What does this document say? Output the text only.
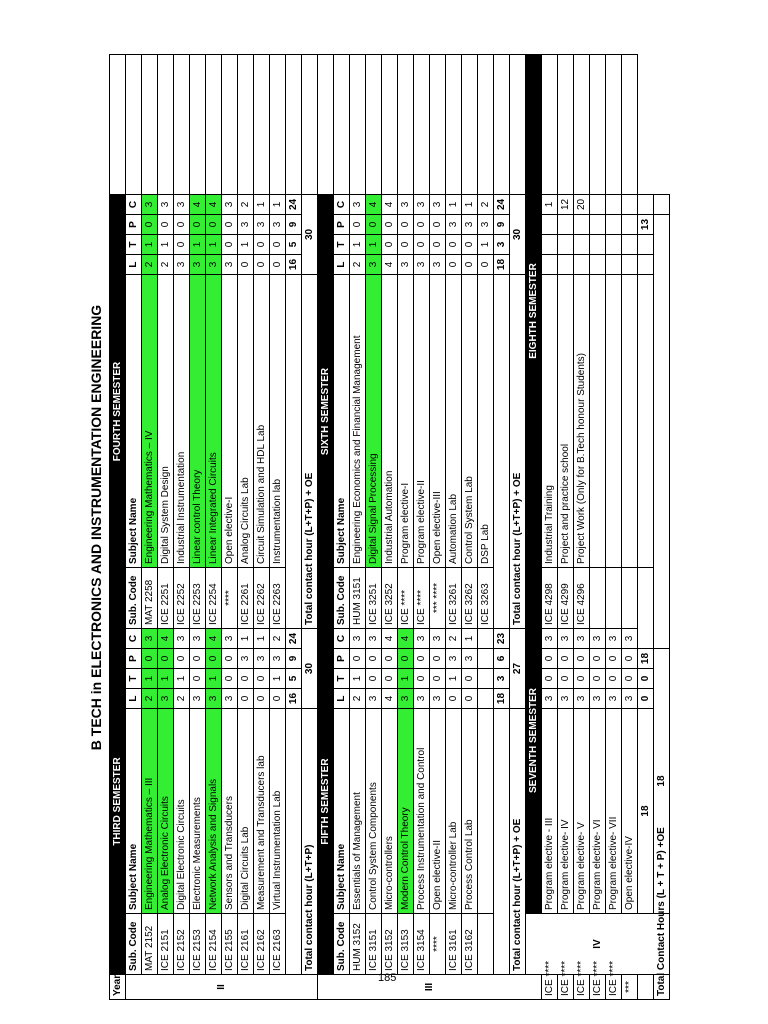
185
B TECH in ELECTRONICS AND INSTRUMENTATION ENGINEERING
Year	THIRD SEMESTER						FOURTH SEMESTER							
II	Sub. Code	Subject Name	L	T	P	C	Sub. Code	Subject Name	L	T	P	C		
	MAT 2152	Engineering Mathematics – III	2	1	0	3	MAT 2258	Engineering Mathematics – IV	2	1	0	3		
	ICE 2151	Analog Electronic Circuits	3	1	0	4	ICE 2251	Digital System Design	2	1	0	3		
	ICE 2152	Digital Electronic Circuits	2	1	0	3	ICE 2252	Industrial Instrumentation	3	0	0	3		
	ICE 2153	Electronic Measurements	3	0	0	3	ICE 2253	Linear control Theory	3	1	0	4		
	ICE 2154	Network Analysis and Signals	3	1	0	4	ICE 2254	Linear Integrated Circuits	3	1	0	4		
	ICE 2155	Sensors and Transducers	3	0	0	3	****	Open elective-I	3	0	0	3		
	ICE 2161	Digital Circuits Lab	0	0	3	1	ICE 2261	Analog Circuits Lab	0	1	3	2		
	ICE 2162	Measurement and Transducers lab	0	0	3	1	ICE 2262	Circuit Simulation and HDL Lab	0	0	3	1		
	ICE 2163	Virtual Instrumentation Lab	0	1	3	2	ICE 2263	Instrumentation lab	0	0	3	1		
			16	5	9	24			16	5	9	24		
	Total contact hour (L+T+P)		30				Total contact hour (L+T+P) + OE		30					
III	FIFTH SEMESTER						SIXTH SEMESTER							
	Sub. Code	Subject Name	L	T	P	C	Sub. Code	Subject Name	L	T	P	C		
	HUM 3152	Essentials of Management	2	1	0	3	HUM 3151	Engineering Economics and Financial Management	2	1	0	3		
	ICE 3151	Control System Components	3	0	0	3	ICE 3251	Digital Signal Processing	3	1	0	4		
	ICE 3152	Micro-controllers	4	0	0	4	ICE 3252	Industrial Automation	4	0	0	4		
	ICE 3153	Modern Control Theory	3	1	0	4	ICE ****	Program elective-I	3	0	0	3		
	ICE 3154	Process Instrumentation and Control	3	0	0	3	ICE ****	Program elective-II	3	0	0	3		
	****	Open elective-II	3	0	0	3	*** ****	Open elective-III	3	0	0	3		
	ICE 3161	Micro-controller Lab	0	1	3	2	ICE 3261	Automation Lab	0	0	3	1		
	ICE 3162	Process Control Lab	0	0	3	1	ICE 3262	Control System Lab	0	0	3	1		
							ICE 3263	DSP Lab	0	1	3	2		
			18	3	6	23			18	3	9	24		
	Total contact hour (L+T+P) + OE		27				Total contact hour (L+T+P) + OE		30					
	IV	SEVENTH SEMESTER						EIGHTH SEMESTER						
ICE ****		Program elective - III	3	0	0	3	ICE 4298	Industrial Training				1		
ICE ****		Program elective- IV	3	0	0	3	ICE 4299	Project and practice school				12		
ICE ****		Program elective- V	3	0	0	3	ICE 4296	Project Work (Only for B.Tech honour Students)				20		
ICE ****		Program elective- VI	3	0	0	3								
ICE ****		Program elective- VII	3	0	0	3								
***		Open elective-IV	3	0	0	3								
		18	0	0	18						13			
Total Contact Hours (L + T + P) +OE		18												
